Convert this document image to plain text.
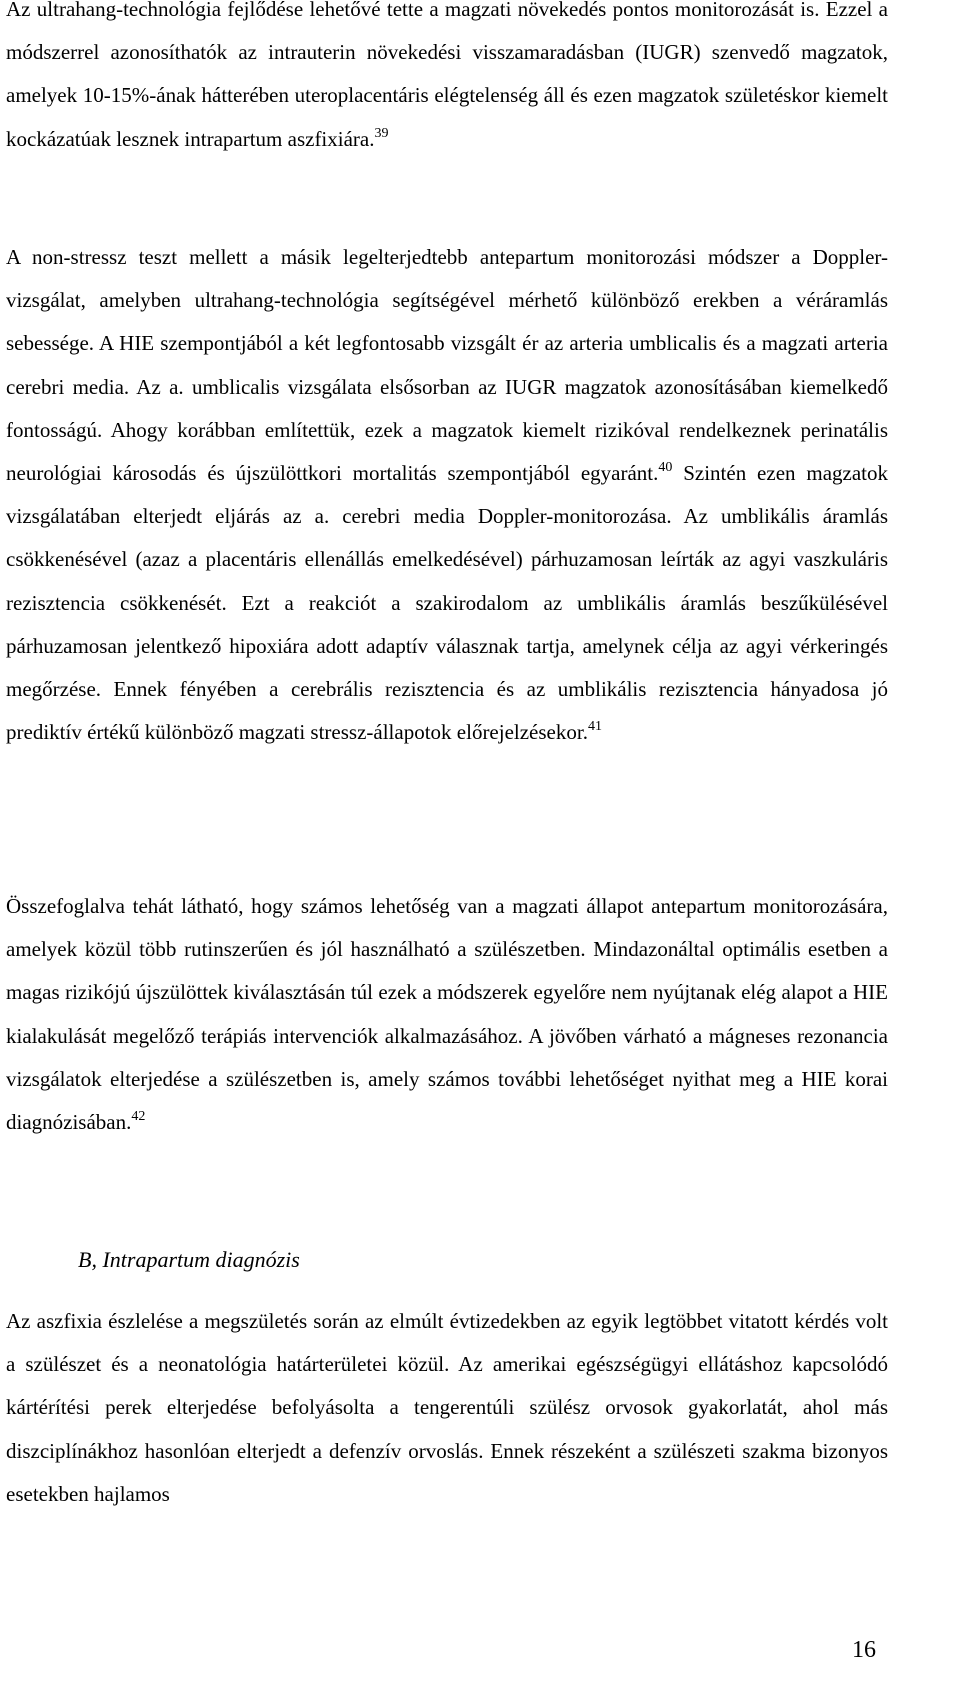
Az ultrahang-technológia fejlődése lehetővé tette a magzati növekedés pontos monitorozását is. Ezzel a módszerrel azonosíthatók az intrauterin növekedési visszamaradásban (IUGR) szenvedő magzatok, amelyek 10-15%-ának hátterében uteroplacentáris elégtelenség áll és ezen magzatok születéskor kiemelt kockázatúak lesznek intrapartum aszfixiára.$^{39}$

A non-stressz teszt mellett a másik legelterjedtebb antepartum monitorozási módszer a Doppler-vizsgálat, amelyben ultrahang-technológia segítségével mérhető különböző erekben a véráramlás sebessége. A HIE szempontjából a két legfontosabb vizsgált ér az arteria umblicalis és a magzati arteria cerebri media. Az a. umblicalis vizsgálata elsősorban az IUGR magzatok azonosításában kiemelkedő fontosságú. Ahogy korábban említettük, ezek a magzatok kiemelt rizikóval rendelkeznek perinatális neurológiai károsodás és újszülöttkori mortalitás szempontjából egyaránt.$^{40}$ Szintén ezen magzatok vizsgálatában elterjedt eljárás az a. cerebri media Doppler-monitorozása. Az umblikális áramlás csökkenésével (azaz a placentáris ellenállás emelkedésével) párhuzamosan leírták az agyi vaszkuláris rezisztencia csökkenését. Ezt a reakciót a szakirodalom az umblikális áramlás beszűkülésével párhuzamosan jelentkező hipoxiára adott adaptív válasznak tartja, amelynek célja az agyi vérkeringés megőrzése. Ennek fényében a cerebrális rezisztencia és az umblikális rezisztencia hányadosa jó prediktív értékű különböző magzati stressz-állapotok előrejelzésekor.$^{41}$

Összefoglalva tehát látható, hogy számos lehetőség van a magzati állapot antepartum monitorozására, amelyek közül több rutinszerűen és jól használható a szülészetben. Mindazonáltal optimális esetben a magas rizikójú újszülöttek kiválasztásán túl ezek a módszerek egyelőre nem nyújtanak elég alapot a HIE kialakulását megelőző terápiás intervenciók alkalmazásához. A jövőben várható a mágneses rezonancia vizsgálatok elterjedése a szülészetben is, amely számos további lehetőséget nyithat meg a HIE korai diagnózisában.$^{42}$

B, Intrapartum diagnózis

Az aszfixia észlelése a megszületés során az elmúlt évtizedekben az egyik legtöbbet vitatott kérdés volt a szülészet és a neonatológia határterületei közül. Az amerikai egészségügyi ellátáshoz kapcsolódó kártérítési perek elterjedése befolyásolta a tengerentúli szülész orvosok gyakorlatát, ahol más diszciplínákhoz hasonlóan elterjedt a defenzív orvoslás. Ennek részeként a szülészeti szakma bizonyos esetekben hajlamos

16
